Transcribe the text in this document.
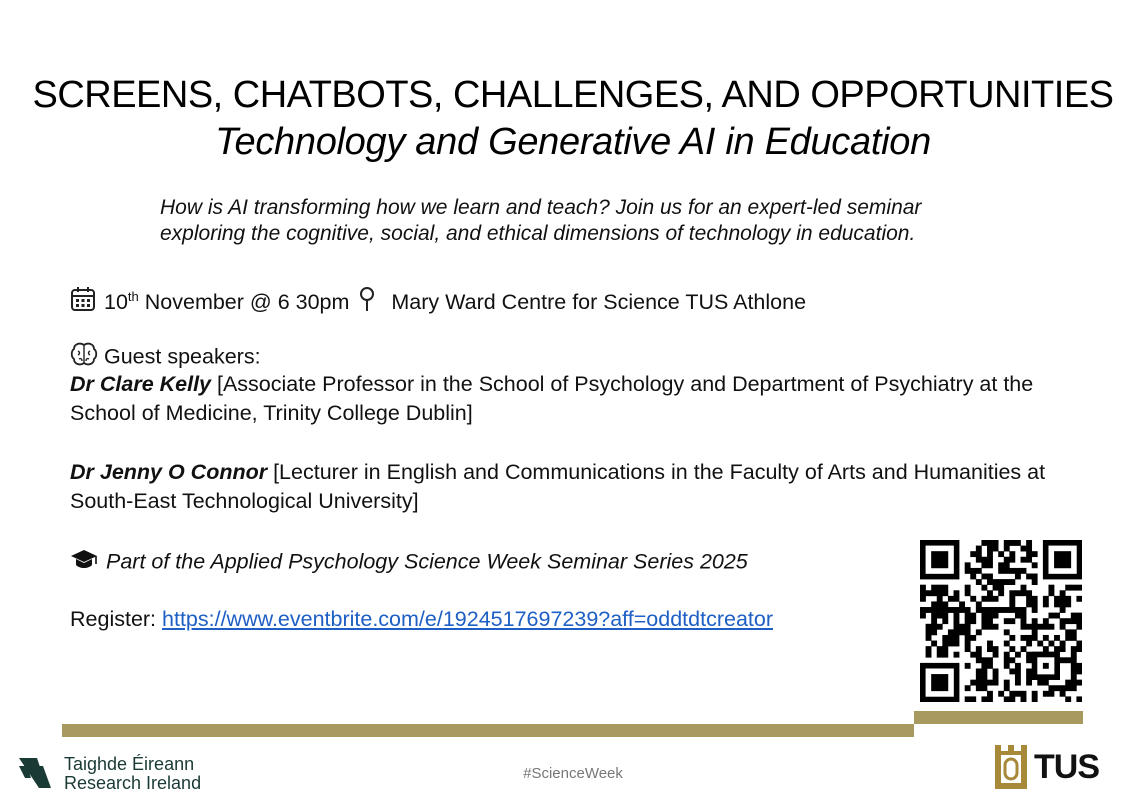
SCREENS, CHATBOTS, CHALLENGES, AND OPPORTUNITIES
Technology and Generative AI in Education
How is AI transforming how we learn and teach? Join us for an expert-led seminar
exploring the cognitive, social, and ethical dimensions of technology in education.
10th November @ 6 30pm Mary Ward Centre for Science TUS Athlone
Guest speakers:
Dr Clare Kelly [Associate Professor in the School of Psychology and Department of Psychiatry at the School of Medicine, Trinity College Dublin]
Dr Jenny O Connor [Lecturer in English and Communications in the Faculty of Arts and Humanities at South-East Technological University]
Part of the Applied Psychology Science Week Seminar Series 2025
Register: https://www.eventbrite.com/e/1924517697239?aff=oddtdtcreator
Taighde Éireann
Research Ireland	#ScienceWeek	TUS
